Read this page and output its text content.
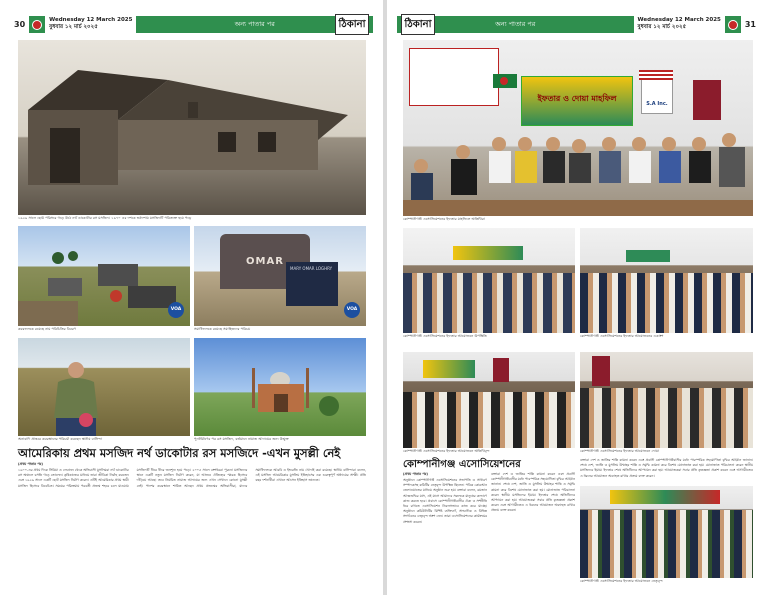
30	Wednesday 12 March 2025
বুধবার ১২ মার্চ ২০২৫	অন্য পাতার পর	ঠিকানা
১৯২৯ সালে ছোট্ট পরিসরে গড়ে উঠে নর্থ ডাকোটার রস মসজিদ। ১৯৭০ এর দশকে ভগ্নদশায় মসজিদটি পরিত্যক্ত হয়ে পড়ে
VOA
কবরফলকে রয়েছে নাম পরিচিতির বিবরণ
OMAR
MARY OMAR LOGHRY
VOA
সমাধিফলকে রয়েছে সমাহিতদের পরিচয়
অনাবাদি প্রান্তরে কবরস্থানের পরিচর্যা করছেন স্থানীয় বাসিন্দা	পুনর্নির্মাণের পর রস মসজিদ, বর্তমানে নামাজ আদায়ের জন্য উন্মুক্ত
আমেরিকায় প্রথম মসজিদ নর্থ ডাকোটার রস মসজিদে -এখন মুসল্লী নেই
(প্রথম পাতার পর)
১৯০০-এর প্রথম দিকে সিরিয়া ও লেবানন থেকে অভিবাসী মুসলিমরা নর্থ ডাকোটার রস অঞ্চলে বসতি গড়ে তোলেন। কৃষিকাজের মাধ্যমে তারা জীবিকা নির্বাহ করতেন এবং ১৯২৯ সালে একটি ছোট মসজিদ নির্মাণ করেন। এটিই আমেরিকার প্রথম স্থায়ী মসজিদ হিসেবে বিবেচিত। সময়ের পরিক্রমায় পরবর্তী প্রজন্ম শহরে চলে যাওয়ায় মসজিদটি ধীরে ধীরে জনশূন্য হয়ে পড়ে। ২০০৫ সালে বংশধররা পুরনো মসজিদের স্থানে একটি নতুন মসজিদ নির্মাণ করেন, যা আজও ঐতিহ্যের স্মারক হিসেবে দাঁড়িয়ে আছে। তবে নিয়মিত নামাজ আদায়ের জন্য এখন সেখানে কোনো মুসল্লী নেই। পাশের কবরস্থানে শায়িত আছেন প্রথম প্রজন্মের অভিবাসীরা, যাদের সমাধিফলকে আরবি ও ইংরেজি নাম খোদাই করা রয়েছে। স্থানীয় বাসিন্দারা বলেন, এই মসজিদ আমেরিকার মুসলিম ইতিহাসের এক গুরুত্বপূর্ণ অধ্যায়ের সাক্ষী। প্রতি বছর দর্শনার্থীরা এখানে আসেন ইতিহাস জানতে।
অন্য পাতার পর	Wednesday 12 March 2025
বুধবার ১২ মার্চ ২০২৫	31
ঠিকানা
ইফতার ও দোয়া মাহফিল
S.A Inc.
কোম্পানীগঞ্জ এসোসিয়েশনের ইফতার মাহফিলে অতিথিরা
কোম্পানীগঞ্জ এসোসিয়েশনের ইফতার আয়োজনে উপস্থিতি	কোম্পানীগঞ্জ এসোসিয়েশনের ইফতার আয়োজনের একাংশ
কোম্পানীগঞ্জ এসোসিয়েশনের ইফতার আয়োজনে অতিথিবৃন্দ	কোম্পানীগঞ্জ এসোসিয়েশনের ইফতার আয়োজনে দোয়া
কোম্পানীগঞ্জ এসোসিয়েশনের
(প্রথম পাতার পর)
অনুষ্ঠানে কোম্পানীগঞ্জ এসোসিয়েশনের সভাপতি ও সাধারণ সম্পাদকসহ কমিটির নেতৃবৃন্দ উপস্থিত ছিলেন। পবিত্র কোরআন তেলাওয়াতের মাধ্যমে অনুষ্ঠান শুরু হয়। বক্তারা বলেন, রমজান আত্মশুদ্ধির মাস, এই মাসে আমাদের সকলকে মানুষের কল্যাণে কাজ করতে হবে। প্রবাসে কোম্পানীগঞ্জবাসীর ঐক্য ও সম্প্রীতি ধরে রাখতে এসোসিয়েশন নিরলসভাবে কাজ করে যাচ্ছে। অনুষ্ঠানে কমিউনিটির বিশিষ্ট ব্যক্তিবর্গ, সাংবাদিক ও বিভিন্ন সংগঠনের নেতৃবৃন্দ অংশ নেন। তারা এসোসিয়েশনের কার্যক্রমের প্রশংসা করেন।
বক্তারা দেশ ও জাতির শান্তি কামনা করেন এবং প্রবাসী কোম্পানীগঞ্জবাসীর মধ্যে পারস্পরিক সহযোগিতা বৃদ্ধির আহ্বান জানান। শেষে দেশ, জাতি ও মুসলিম উম্মাহর শান্তি ও সমৃদ্ধি কামনা করে বিশেষ মোনাজাত করা হয়। মোনাজাত পরিচালনা করেন স্থানীয় মসজিদের ইমাম। ইফতার শেষে অতিথিদের আপ্যায়ন করা হয়। আয়োজকরা সবার প্রতি কৃতজ্ঞতা প্রকাশ করেন এবং আগামীতেও এ ধরনের আয়োজন অব্যাহত রাখার প্রত্যয় ব্যক্ত করেন।
বক্তারা দেশ ও জাতির শান্তি কামনা করেন এবং প্রবাসী কোম্পানীগঞ্জবাসীর মধ্যে পারস্পরিক সহযোগিতা বৃদ্ধির আহ্বান জানান। শেষে দেশ, জাতি ও মুসলিম উম্মাহর শান্তি ও সমৃদ্ধি কামনা করে বিশেষ মোনাজাত করা হয়। মোনাজাত পরিচালনা করেন স্থানীয় মসজিদের ইমাম। ইফতার শেষে অতিথিদের আপ্যায়ন করা হয়। আয়োজকরা সবার প্রতি কৃতজ্ঞতা প্রকাশ করেন এবং আগামীতেও এ ধরনের আয়োজন অব্যাহত রাখার প্রত্যয় ব্যক্ত করেন।
কোম্পানীগঞ্জ এসোসিয়েশনের ইফতার আয়োজনে নেতৃবৃন্দ
